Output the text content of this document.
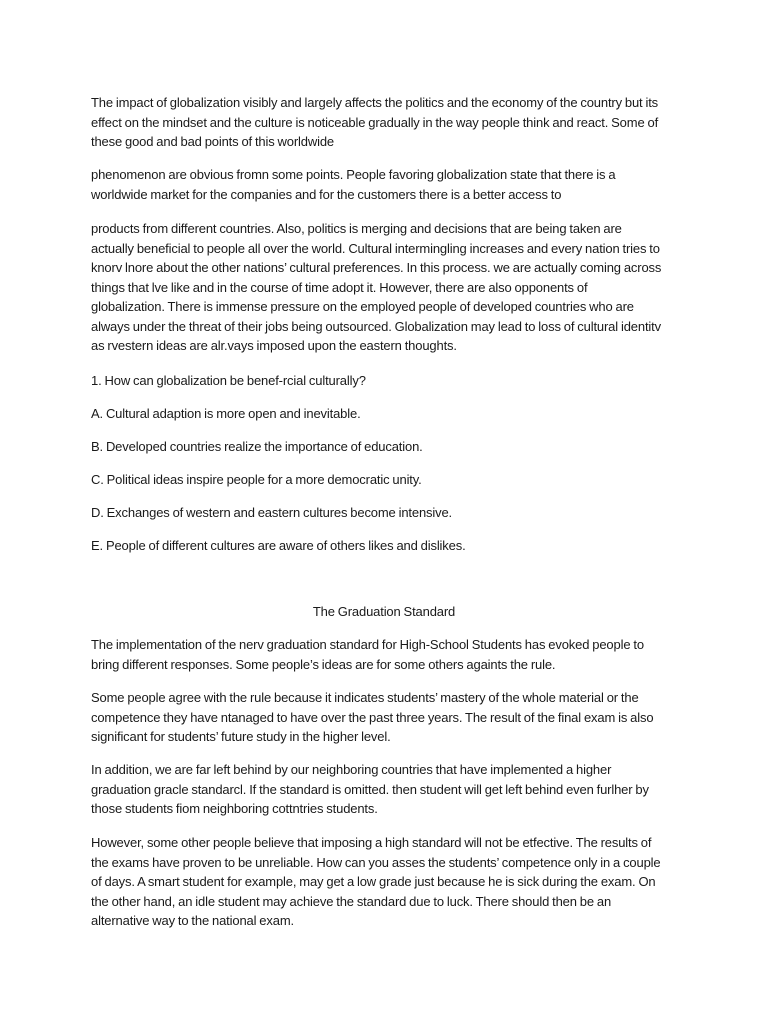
The impact of globalization visibly and largely affects the politics and the economy of the country but its
effect on the mindset and the culture is noticeable gradually in the way people think and react. Some of
these good and bad points of this worldwide

phenomenon are obvious fromn some points. People favoring globalization state that there is a
worldwide market for the companies and for the customers there is a better access to

products from different countries. Also, politics is merging and decisions that are being taken are
actually beneficial to people all over the world. Cultural intermingling increases and every nation tries to
knorv lnore about the other nations’ cultural preferences. In this process. we are actually coming across
things that lve like and in the course of time adopt it. However, there are also opponents of
globalization. There is immense pressure on the employed people of developed countries who are
always under the threat of their jobs being outsourced. Globalization may lead to loss of cultural identitv
as rvestern ideas are alr.vays imposed upon the eastern thoughts.

1. How can globalization be benef-rcial culturally?

A. Cultural adaption is more open and inevitable.

B. Developed countries realize the importance of education.

C. Political ideas inspire people for a more democratic unity.

D. Exchanges of western and eastern cultures become intensive.

E. People of different cultures are aware of others likes and dislikes.

The Graduation Standard

The implementation of the nerv graduation standard for High-School Students has evoked people to
bring different responses. Some people’s ideas are for some others againts the rule.

Some people agree with the rule because it indicates students’ mastery of the whole material or the
competence they have ntanaged to have over the past three years. The result of the final exam is also
significant for students’ future study in the higher level.

In addition, we are far left behind by our neighboring countries that have implemented a higher
graduation gracle standarcl. If the standard is omitted. then student will get left behind even furlher by
those students fiom neighboring cottntries students.

However, some other people believe that imposing a high standard will not be etfective. The results of
the exams have proven to be unreliable. How can you asses the students’ competence only in a couple
of days. A smart student for example, may get a low grade just because he is sick during the exam. On
the other hand, an idle student may achieve the standard due to luck. There should then be an
alternative way to the national exam.
